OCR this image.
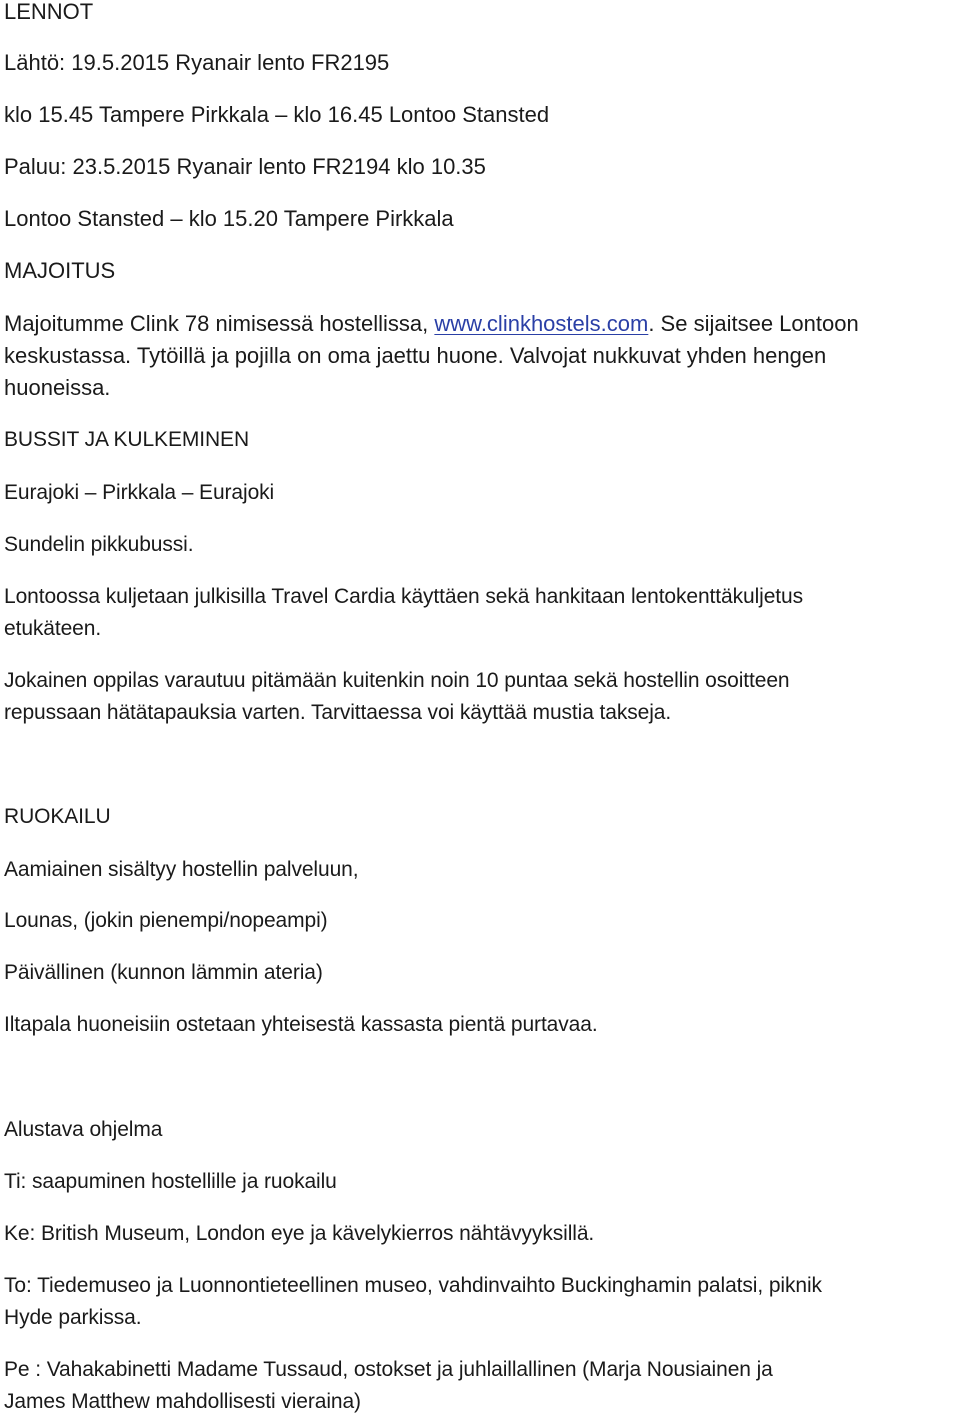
LENNOT

Lähtö: 19.5.2015 Ryanair lento FR2195

klo 15.45 Tampere Pirkkala – klo 16.45 Lontoo Stansted

Paluu: 23.5.2015 Ryanair lento FR2194 klo 10.35

Lontoo Stansted – klo 15.20 Tampere Pirkkala

MAJOITUS

Majoitumme Clink 78 nimisessä hostellissa, www.clinkhostels.com. Se sijaitsee Lontoon

keskustassa. Tytöillä ja pojilla on oma jaettu huone. Valvojat nukkuvat yhden hengen

huoneissa.

BUSSIT JA KULKEMINEN

Eurajoki – Pirkkala – Eurajoki

Sundelin pikkubussi.

Lontoossa kuljetaan julkisilla Travel Cardia käyttäen sekä hankitaan lentokenttäkuljetus

etukäteen.

Jokainen oppilas varautuu pitämään kuitenkin noin 10 puntaa sekä hostellin osoitteen

repussaan hätätapauksia varten. Tarvittaessa voi käyttää mustia takseja.

RUOKAILU

Aamiainen sisältyy hostellin palveluun,

Lounas, (jokin pienempi/nopeampi)

Päivällinen (kunnon lämmin ateria)

Iltapala huoneisiin ostetaan yhteisestä kassasta pientä purtavaa.

Alustava ohjelma

Ti: saapuminen hostellille ja ruokailu

Ke: British Museum, London eye ja kävelykierros nähtävyyksillä.

To: Tiedemuseo ja Luonnontieteellinen museo, vahdinvaihto Buckinghamin palatsi, piknik

Hyde parkissa.

Pe : Vahakabinetti Madame Tussaud, ostokset ja juhlaillallinen (Marja Nousiainen ja

James Matthew mahdollisesti vieraina)
